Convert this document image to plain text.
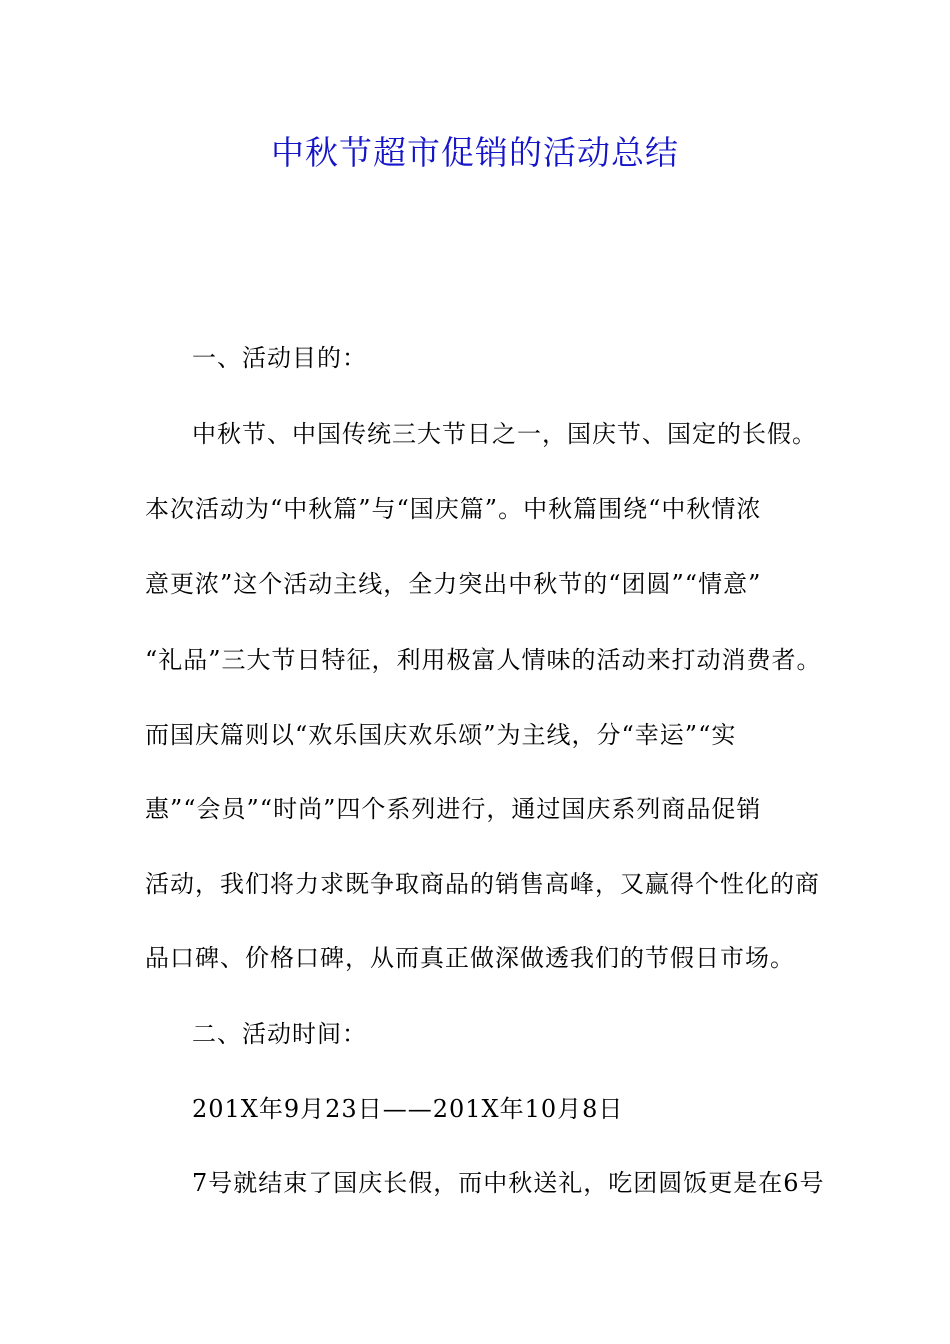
中秋节超市促销的活动总结

一、活动目的：

中秋节、中国传统三大节日之一，国庆节、国定的长假。

本次活动为“中秋篇”与“国庆篇”。中秋篇围绕“中秋情浓

意更浓”这个活动主线，全力突出中秋节的“团圆”“情意”

“礼品”三大节日特征，利用极富人情味的活动来打动消费者。

而国庆篇则以“欢乐国庆欢乐颂”为主线，分“幸运”“实

惠”“会员”“时尚”四个系列进行，通过国庆系列商品促销

活动，我们将力求既争取商品的销售高峰，又赢得个性化的商

品口碑、价格口碑，从而真正做深做透我们的节假日市场。

二、活动时间：

201X年9月23日——201X年10月8日

7号就结束了国庆长假，而中秋送礼，吃团圆饭更是在6号
